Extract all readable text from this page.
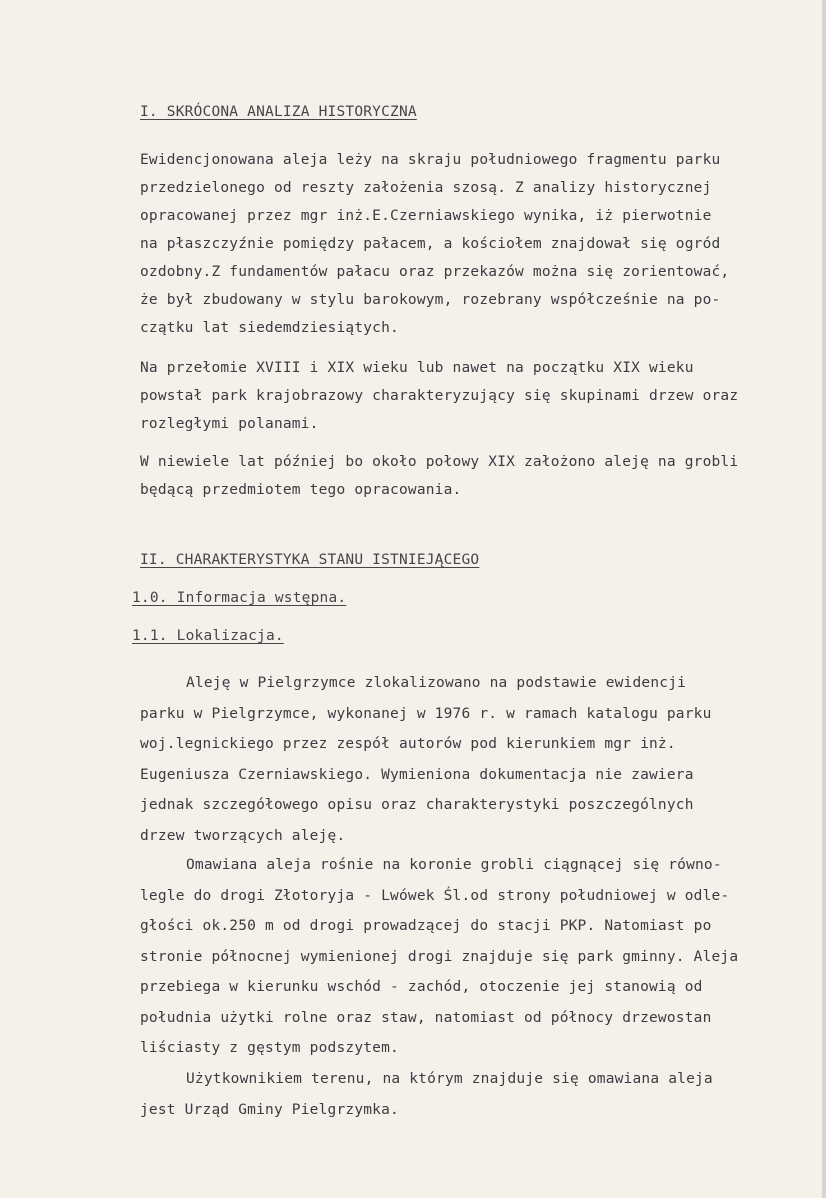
I. SKRÓCONA ANALIZA HISTORYCZNA
Ewidencjonowana aleja leży na skraju południowego fragmentu parku
przedzielonego od reszty założenia szosą. Z analizy historycznej
opracowanej przez mgr inż.E.Czerniawskiego wynika, iż pierwotnie
na płaszczyźnie pomiędzy pałacem, a kościołem znajdował się ogród
ozdobny.Z fundamentów pałacu oraz przekazów można się zorientować,
że był zbudowany w stylu barokowym, rozebrany współcześnie na po-
czątku lat siedemdziesiątych.
Na przełomie XVIII i XIX wieku lub nawet na początku XIX wieku
powstał park krajobrazowy charakteryzujący się skupinami drzew oraz
rozległymi polanami.
W niewiele lat później bo około połowy XIX założono aleję na grobli
będącą przedmiotem tego opracowania.
II. CHARAKTERYSTYKA STANU ISTNIEJĄCEGO
1.0. Informacja wstępna.
1.1. Lokalizacja.
Aleję w Pielgrzymce zlokalizowano na podstawie ewidencji
parku w Pielgrzymce, wykonanej w 1976 r. w ramach katalogu parku
woj.legnickiego przez zespół autorów pod kierunkiem mgr inż.
Eugeniusza Czerniawskiego. Wymieniona dokumentacja nie zawiera
jednak szczegółowego opisu oraz charakterystyki poszczególnych
drzew tworzących aleję.
Omawiana aleja rośnie na koronie grobli ciągnącej się równo-
legle do drogi Złotoryja - Lwówek Śl.od strony południowej w odle-
głości ok.250 m od drogi prowadzącej do stacji PKP. Natomiast po
stronie północnej wymienionej drogi znajduje się park gminny. Aleja
przebiega w kierunku wschód - zachód, otoczenie jej stanowią od
południa użytki rolne oraz staw, natomiast od północy drzewostan
liściasty z gęstym podszytem.
Użytkownikiem terenu, na którym znajduje się omawiana aleja
jest Urząd Gminy Pielgrzymka.
